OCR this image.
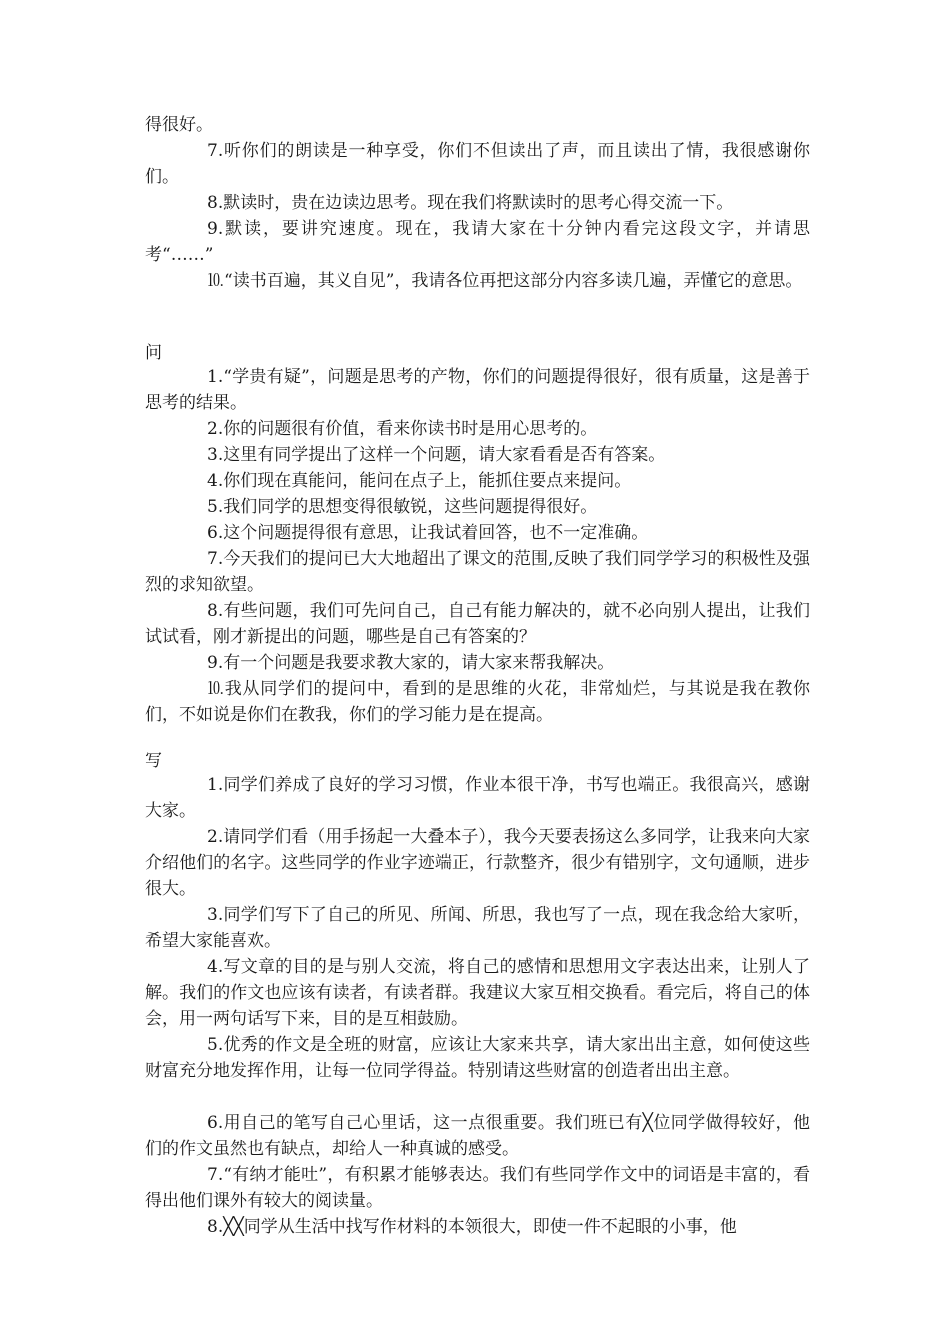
得很好。

7.听你们的朗读是一种享受，你们不但读出了声，而且读出了情，我很感谢你们。

8.默读时，贵在边读边思考。现在我们将默读时的思考心得交流一下。

9.默读，要讲究速度。现在，我请大家在十分钟内看完这段文字，并请思考“……”

⒑“读书百遍，其义自见”，我请各位再把这部分内容多读几遍，弄懂它的意思。

问

1.“学贵有疑”，问题是思考的产物，你们的问题提得很好，很有质量，这是善于思考的结果。

2.你的问题很有价值，看来你读书时是用心思考的。

3.这里有同学提出了这样一个问题，请大家看看是否有答案。

4.你们现在真能问，能问在点子上，能抓住要点来提问。

5.我们同学的思想变得很敏锐，这些问题提得很好。

6.这个问题提得很有意思，让我试着回答，也不一定准确。

7.今天我们的提问已大大地超出了课文的范围,反映了我们同学学习的积极性及强烈的求知欲望。

8.有些问题，我们可先问自己，自己有能力解决的，就不必向别人提出，让我们试试看，刚才新提出的问题，哪些是自己有答案的？

9.有一个问题是我要求教大家的，请大家来帮我解决。

⒑我从同学们的提问中，看到的是思维的火花，非常灿烂，与其说是我在教你们，不如说是你们在教我，你们的学习能力是在提高。

写

1.同学们养成了良好的学习习惯，作业本很干净，书写也端正。我很高兴，感谢大家。

2.请同学们看（用手扬起一大叠本子），我今天要表扬这么多同学，让我来向大家介绍他们的名字。这些同学的作业字迹端正，行款整齐，很少有错别字，文句通顺，进步很大。

3.同学们写下了自己的所见、所闻、所思，我也写了一点，现在我念给大家听，希望大家能喜欢。

4.写文章的目的是与别人交流，将自己的感情和思想用文字表达出来，让别人了解。我们的作文也应该有读者，有读者群。我建议大家互相交换看。看完后，将自己的体会，用一两句话写下来，目的是互相鼓励。

5.优秀的作文是全班的财富，应该让大家来共享，请大家出出主意，如何使这些财富充分地发挥作用，让每一位同学得益。特别请这些财富的创造者出出主意。

6.用自己的笔写自己心里话，这一点很重要。我们班已有╳位同学做得较好，他们的作文虽然也有缺点，却给人一种真诚的感受。

7.“有纳才能吐”，有积累才能够表达。我们有些同学作文中的词语是丰富的，看得出他们课外有较大的阅读量。

8.╳╳同学从生活中找写作材料的本领很大，即使一件不起眼的小事，他
